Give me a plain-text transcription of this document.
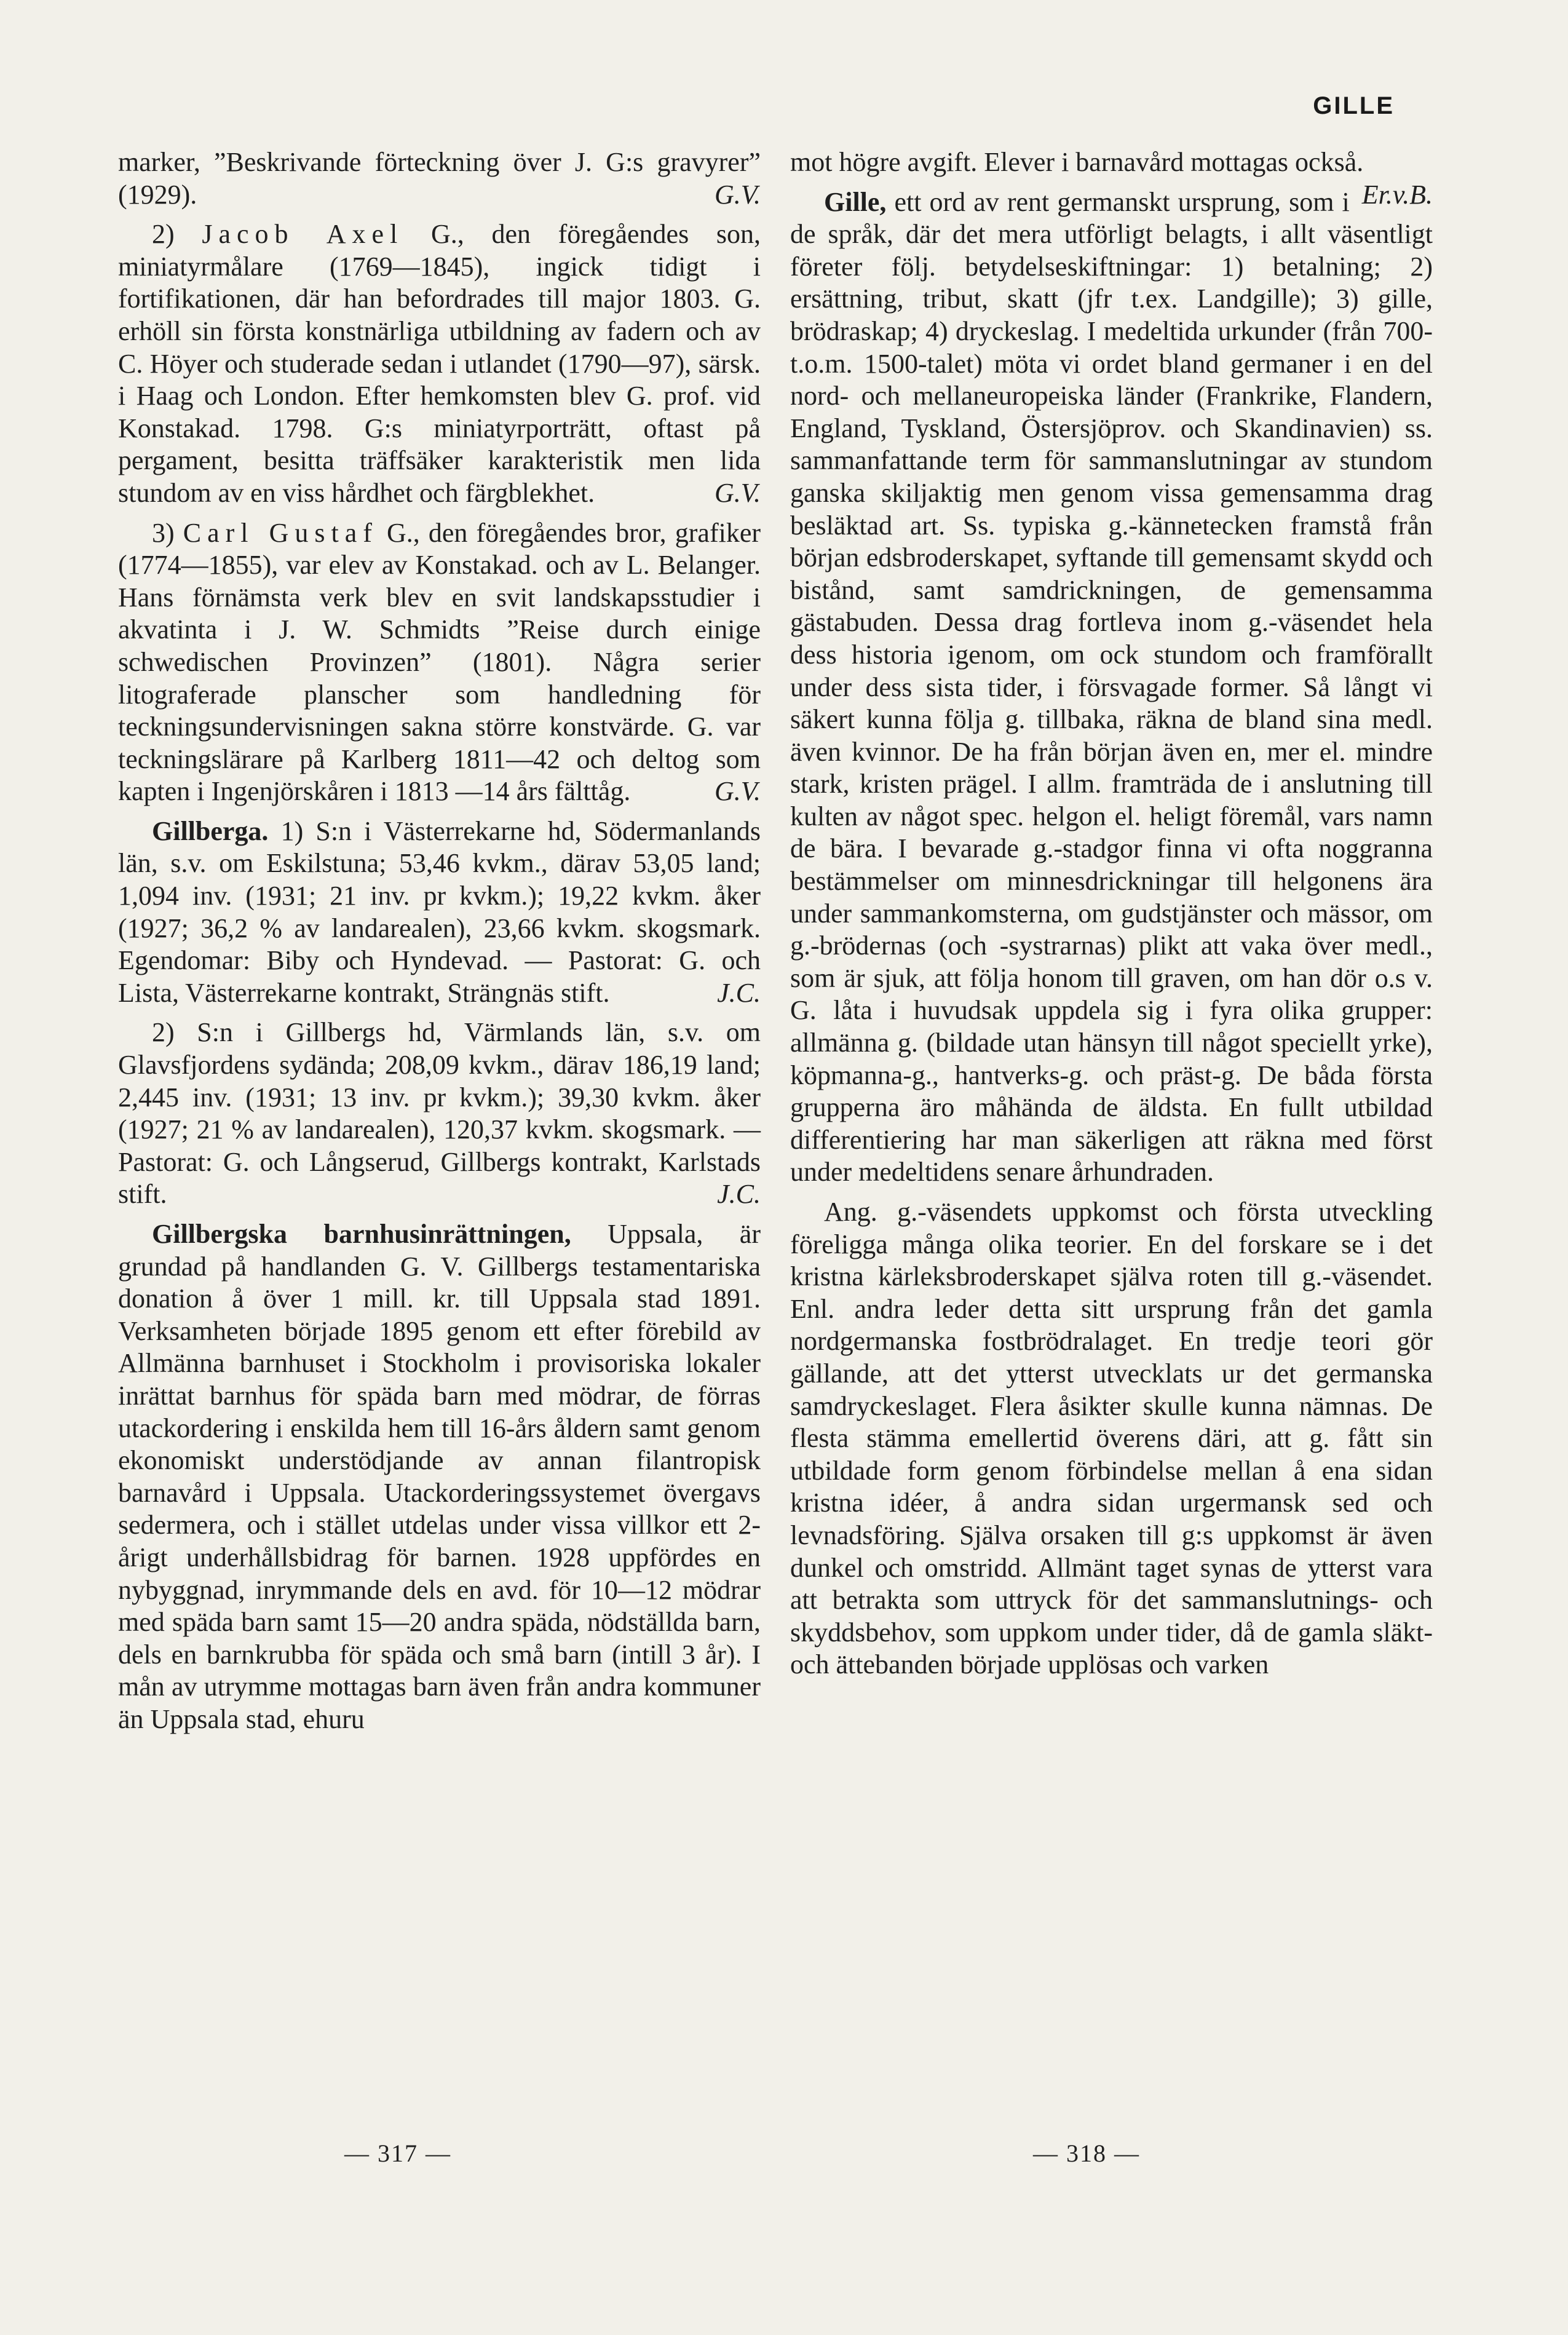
GILLE

marker, ”Beskrivande förteckning över J. G:s gravyrer” (1929).	G.V.

2) Jacob Axel G., den föregåendes son, miniatyrmålare (1769—1845), ingick tidigt i fortifikationen, där han befordrades till major 1803. G. erhöll sin första konstnärliga utbildning av fadern och av C. Höyer och studerade sedan i utlandet (1790—97), särsk. i Haag och London. Efter hemkomsten blev G. prof. vid Konstakad. 1798. G:s miniatyrporträtt, oftast på pergament, besitta träffsäker karakteristik men lida stundom av en viss hårdhet och färgblekhet.	G.V.

3) Carl Gustaf G., den föregåendes bror, grafiker (1774—1855), var elev av Konstakad. och av L. Belanger. Hans förnämsta verk blev en svit landskapsstudier i akvatinta i J. W. Schmidts ”Reise durch einige schwedischen Provinzen” (1801). Några serier litograferade planscher som handledning för teckningsundervisningen sakna större konstvärde. G. var teckningslärare på Karlberg 1811—42 och deltog som kapten i Ingenjörskåren i 1813 —14 års fälttåg.	G.V.

Gillberga. 1) S:n i Västerrekarne hd, Södermanlands län, s.v. om Eskilstuna; 53,46 kvkm., därav 53,05 land; 1,094 inv. (1931; 21 inv. pr kvkm.); 19,22 kvkm. åker (1927; 36,2 % av landarealen), 23,66 kvkm. skogsmark. Egendomar: Biby och Hyndevad. — Pastorat: G. och Lista, Västerrekarne kontrakt, Strängnäs stift.	J.C.

2) S:n i Gillbergs hd, Värmlands län, s.v. om Glavsfjordens sydända; 208,09 kvkm., därav 186,19 land; 2,445 inv. (1931; 13 inv. pr kvkm.); 39,30 kvkm. åker (1927; 21 % av landarealen), 120,37 kvkm. skogsmark. — Pastorat: G. och Långserud, Gillbergs kontrakt, Karlstads stift.	J.C.

Gillbergska barnhusinrättningen, Uppsala, är grundad på handlanden G. V. Gillbergs testamentariska donation å över 1 mill. kr. till Uppsala stad 1891. Verksamheten började 1895 genom ett efter förebild av Allmänna barnhuset i Stockholm i provisoriska lokaler inrättat barnhus för späda barn med mödrar, de förras utackordering i enskilda hem till 16-års åldern samt genom ekonomiskt understödjande av annan filantropisk barnavård i Uppsala. Utackorderingssystemet övergavs sedermera, och i stället utdelas under vissa villkor ett 2-årigt underhållsbidrag för barnen. 1928 uppfördes en nybyggnad, inrymmande dels en avd. för 10—12 mödrar med späda barn samt 15—20 andra späda, nödställda barn, dels en barnkrubba för späda och små barn (intill 3 år). I mån av utrymme mottagas barn även från andra kommuner än Uppsala stad, ehuru

mot högre avgift. Elever i barnavård mottagas också.
Er.v.B.

Gille, ett ord av rent germanskt ursprung, som i de språk, där det mera utförligt belagts, i allt väsentligt företer följ. betydelseskiftningar: 1) betalning; 2) ersättning, tribut, skatt (jfr t.ex. Landgille); 3) gille, brödraskap; 4) dryckeslag. I medeltida urkunder (från 700- t.o.m. 1500-talet) möta vi ordet bland germaner i en del nord- och mellaneuropeiska länder (Frankrike, Flandern, England, Tyskland, Östersjöprov. och Skandinavien) ss. sammanfattande term för sammanslutningar av stundom ganska skiljaktig men genom vissa gemensamma drag besläktad art. Ss. typiska g.-kännetecken framstå från början edsbroderskapet, syftande till gemensamt skydd och bistånd, samt samdrickningen, de gemensamma gästabuden. Dessa drag fortleva inom g.-väsendet hela dess historia igenom, om ock stundom och framförallt under dess sista tider, i försvagade former. Så långt vi säkert kunna följa g. tillbaka, räkna de bland sina medl. även kvinnor. De ha från början även en, mer el. mindre stark, kristen prägel. I allm. framträda de i anslutning till kulten av något spec. helgon el. heligt föremål, vars namn de bära. I bevarade g.-stadgor finna vi ofta noggranna bestämmelser om minnesdrickningar till helgonens ära under sammankomsterna, om gudstjänster och mässor, om g.-brödernas (och -systrarnas) plikt att vaka över medl., som är sjuk, att följa honom till graven, om han dör o.s v. G. låta i huvudsak uppdela sig i fyra olika grupper: allmänna g. (bildade utan hänsyn till något speciellt yrke), köpmanna-g., hantverks-g. och präst-g. De båda första grupperna äro måhända de äldsta. En fullt utbildad differentiering har man säkerligen att räkna med först under medeltidens senare århundraden.

Ang. g.-väsendets uppkomst och första utveckling föreligga många olika teorier. En del forskare se i det kristna kärleksbroderskapet själva roten till g.-väsendet. Enl. andra leder detta sitt ursprung från det gamla nordgermanska fostbrödralaget. En tredje teori gör gällande, att det ytterst utvecklats ur det germanska samdryckeslaget. Flera åsikter skulle kunna nämnas. De flesta stämma emellertid överens däri, att g. fått sin utbildade form genom förbindelse mellan å ena sidan kristna idéer, å andra sidan urgermansk sed och levnadsföring. Själva orsaken till g:s uppkomst är även dunkel och omstridd. Allmänt taget synas de ytterst vara att betrakta som uttryck för det sammanslutnings- och skyddsbehov, som uppkom under tider, då de gamla släkt- och ättebanden började upplösas och varken

— 317 —	— 318 —
